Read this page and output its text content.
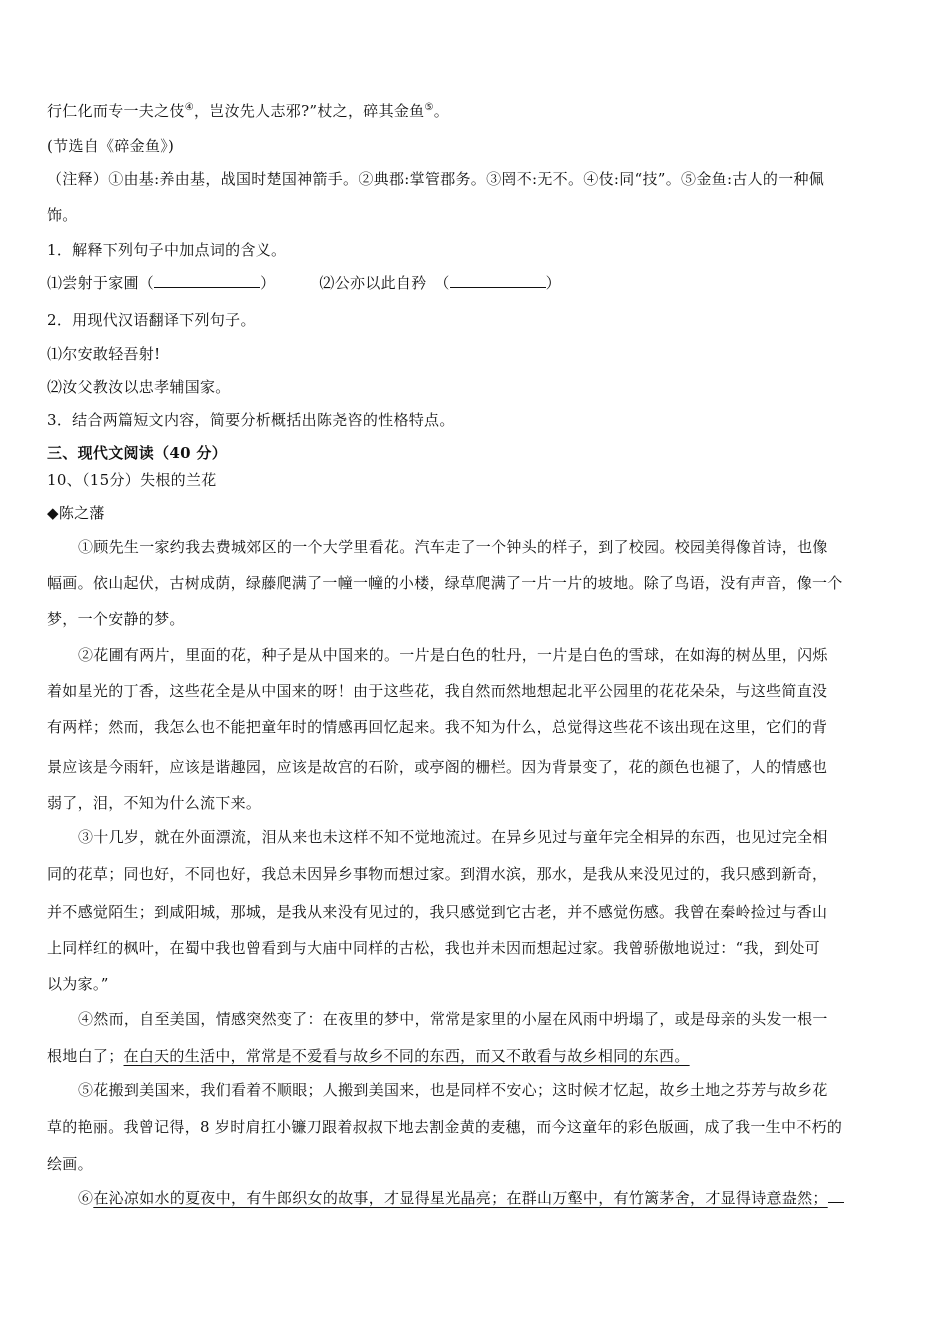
行仁化而专一夫之伎④，岂汝先人志邪?”杖之，碎其金鱼⑤。
(节选自《碎金鱼》)
（注释）①由基:养由基，战国时楚国神箭手。②典郡:掌管郡务。③罔不:无不。④伎:同“技”。⑤金鱼:古人的一种佩
饰。
1．解释下列句子中加点词的含义。
⑴尝射于家圃（	）	⑵公亦以此自矜　（	）
2．用现代汉语翻译下列句子。
⑴尔安敢轻吾射!
⑵汝父教汝以忠孝辅国家。
3．结合两篇短文内容，简要分析概括出陈尧咨的性格特点。
三、现代文阅读（40 分）
10、（15分）失根的兰花
◆陈之藩
①顾先生一家约我去费城郊区的一个大学里看花。汽车走了一个钟头的样子，到了校园。校园美得像首诗，也像
幅画。依山起伏，古树成荫，绿藤爬满了一幢一幢的小楼，绿草爬满了一片一片的坡地。除了鸟语，没有声音，像一个
梦，一个安静的梦。
②花圃有两片，里面的花，种子是从中国来的。一片是白色的牡丹，一片是白色的雪球，在如海的树丛里，闪烁
着如星光的丁香，这些花全是从中国来的呀！由于这些花，我自然而然地想起北平公园里的花花朵朵，与这些简直没
有两样；然而，我怎么也不能把童年时的情感再回忆起来。我不知为什么，总觉得这些花不该出现在这里，它们的背
景应该是今雨轩，应该是谐趣园，应该是故宫的石阶，或亭阁的栅栏。因为背景变了，花的颜色也褪了，人的情感也
弱了，泪，不知为什么流下来。
③十几岁，就在外面漂流，泪从来也未这样不知不觉地流过。在异乡见过与童年完全相异的东西，也见过完全相
同的花草；同也好，不同也好，我总未因异乡事物而想过家。到渭水滨，那水，是我从来没见过的，我只感到新奇，
并不感觉陌生；到咸阳城，那城，是我从来没有见过的，我只感觉到它古老，并不感觉伤感。我曾在秦岭捡过与香山
上同样红的枫叶，在蜀中我也曾看到与大庙中同样的古松，我也并未因而想起过家。我曾骄傲地说过：“我，到处可
以为家。”
④然而，自至美国，情感突然变了：在夜里的梦中，常常是家里的小屋在风雨中坍塌了，或是母亲的头发一根一
根地白了；在白天的生活中，常常是不爱看与故乡不同的东西，而又不敢看与故乡相同的东西。
⑤花搬到美国来，我们看着不顺眼；人搬到美国来，也是同样不安心；这时候才忆起，故乡土地之芬芳与故乡花
草的艳丽。我曾记得，8 岁时肩扛小镰刀跟着叔叔下地去割金黄的麦穗，而今这童年的彩色版画，成了我一生中不朽的
绘画。
⑥在沁凉如水的夏夜中，有牛郎织女的故事，才显得星光晶亮；在群山万壑中，有竹篱茅舍，才显得诗意盎然；
